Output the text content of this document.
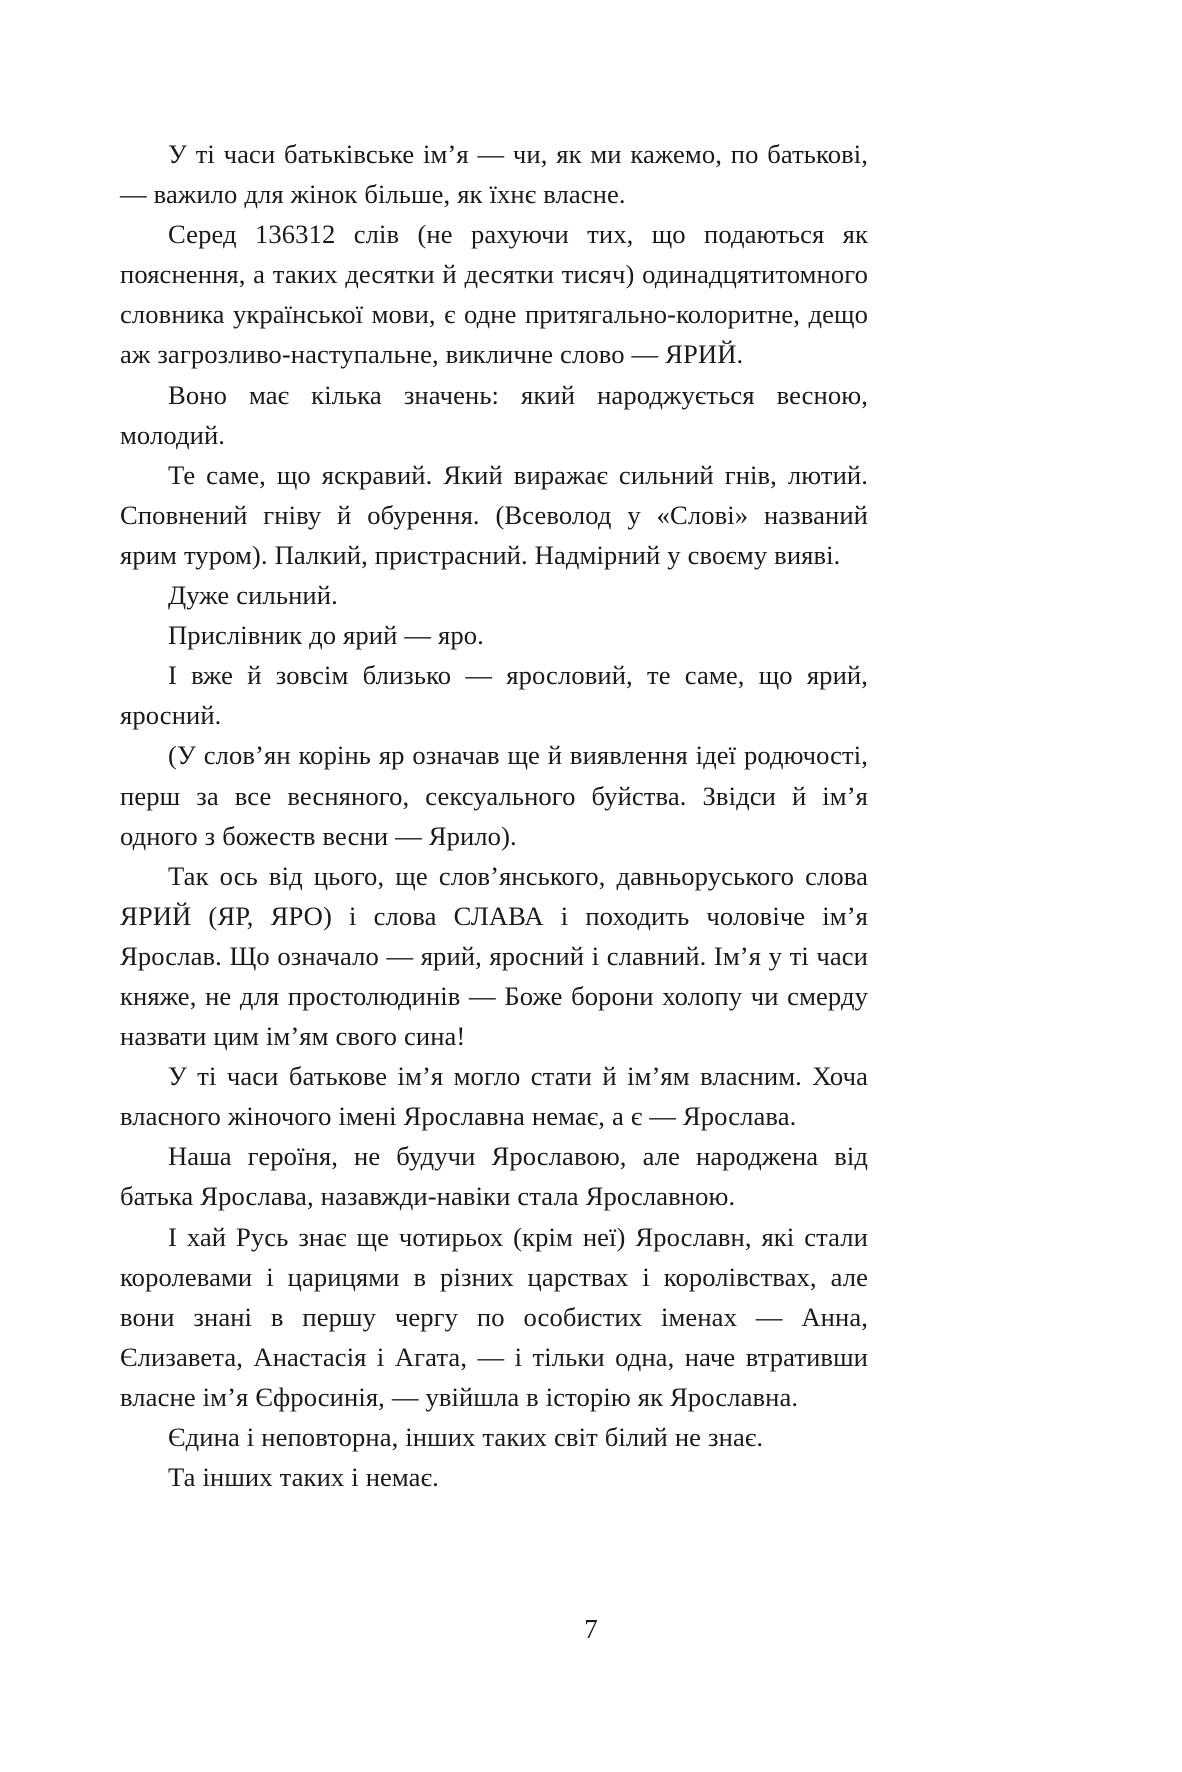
У ті часи батьківське ім’я — чи, як ми кажемо, по батькові, — важило для жінок більше, як їхнє власне.

Серед 136312 слів (не рахуючи тих, що подаються як пояснення, а таких десятки й десятки тисяч) одинадцятитомного словника української мови, є одне притягально-колоритне, дещо аж загрозливо-наступальне, викличне слово — ЯРИЙ.

Воно має кілька значень: який народжується весною, молодий.

Те саме, що яскравий. Який виражає сильний гнів, лютий. Сповнений гніву й обурення. (Всеволод у «Слові» названий ярим туром). Палкий, пристрасний. Надмірний у своєму вияві.

Дуже сильний.

Прислівник до ярий — яро.

І вже й зовсім близько — ярословий, те саме, що ярий, яросний.

(У слов’ян корінь яр означав ще й виявлення ідеї родючості, перш за все весняного, сексуального буйства. Звідси й ім’я одного з божеств весни — Ярило).

Так ось від цього, ще слов’янського, давньоруського слова ЯРИЙ (ЯР, ЯРО) і слова СЛАВА і походить чоловіче ім’я Ярослав. Що означало — ярий, яросний і славний. Ім’я у ті часи княже, не для простолюдинів — Боже борони холопу чи смерду назвати цим ім’ям свого сина!

У ті часи батькове ім’я могло стати й ім’ям власним. Хоча власного жіночого імені Ярославна немає, а є — Ярослава.

Наша героїня, не будучи Ярославою, але народжена від батька Ярослава, назавжди-навіки стала Ярославною.

І хай Русь знає ще чотирьох (крім неї) Ярославн, які стали королевами і царицями в різних царствах і королівствах, але вони знані в першу чергу по особистих іменах — Анна, Єлизавета, Анастасія і Агата, — і тільки одна, наче втративши власне ім’я Єфросинія, — увійшла в історію як Ярославна.

Єдина і неповторна, інших таких світ білий не знає.

Та інших таких і немає.

7
